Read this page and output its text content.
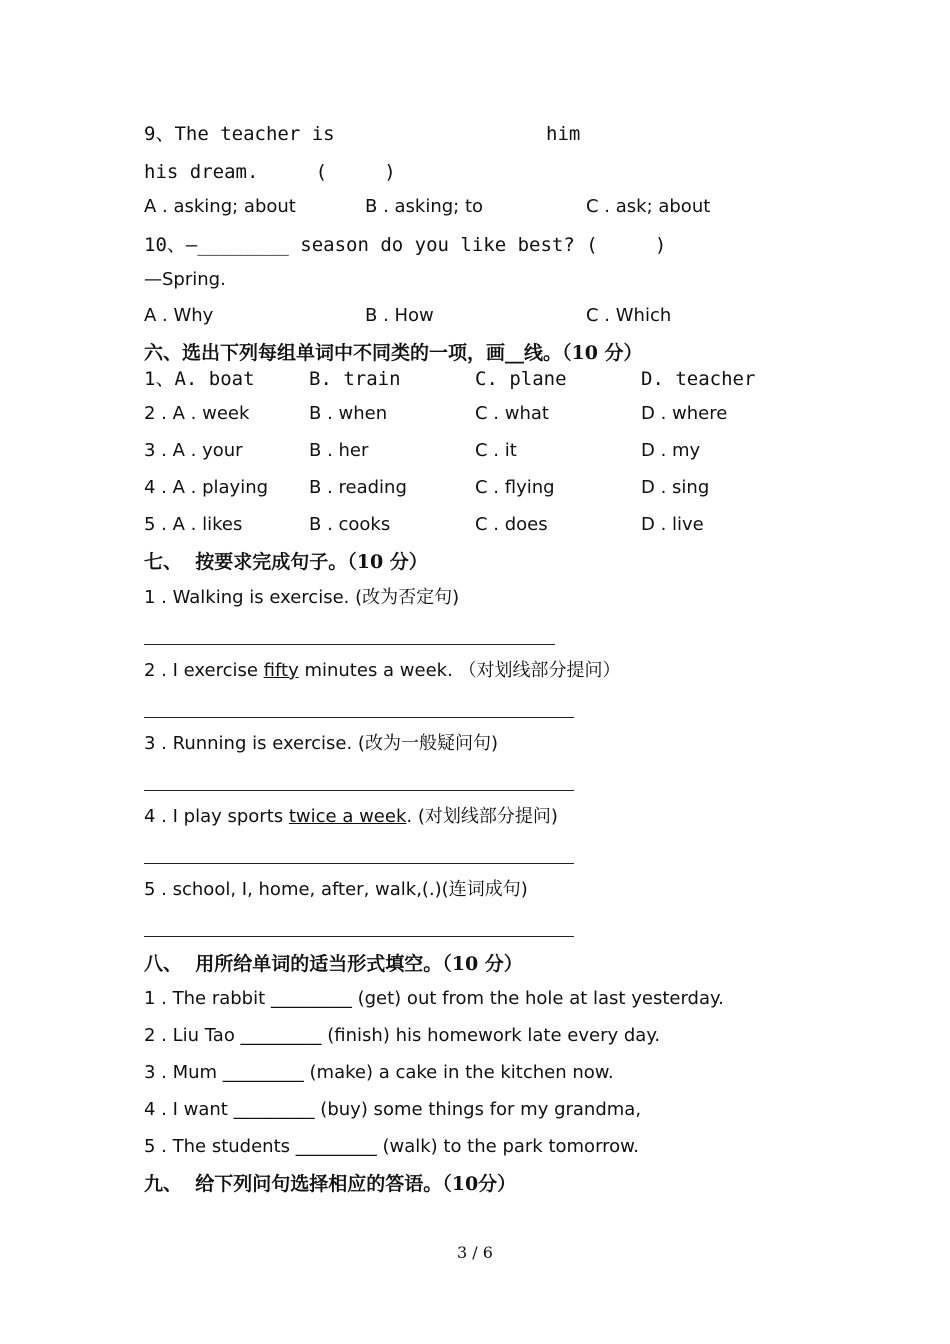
9、The teacher is	him
his dream.     (     )
A . asking; about	B . asking; to	C . ask; about
10、—________ season do you like best? (     )
—Spring.
A . Why	B . How	C . Which
六、选出下列每组单词中不同类的一项，画__线。（10 分）
1、A. boat	B. train	C. plane	D. teacher
2 . A . week	B . when	C . what	D . where
3 . A . your	B . her	C . it	D . my
4 . A . playing B . reading	C . flying	D . sing
5 . A . likes	B . cooks	C . does	D . live
七、  按要求完成句子。（10 分）
1 . Walking is exercise. (改为否定句)
2 . I exercise fifty minutes a week. （对划线部分提问）
3 . Running is exercise. (改为一般疑问句)
4 . I play sports twice a week. (对划线部分提问)
5 . school, I, home, after, walk,(.)(连词成句)
八、  用所给单词的适当形式填空。（10 分）
1 . The rabbit _________ (get) out from the hole at last yesterday.
2 . Liu Tao _________ (finish) his homework late every day.
3 . Mum _________ (make) a cake in the kitchen now.
4 . I want _________ (buy) some things for my grandma,
5 . The students _________ (walk) to the park tomorrow.
九、  给下列问句选择相应的答语。（10分）
3 / 6
